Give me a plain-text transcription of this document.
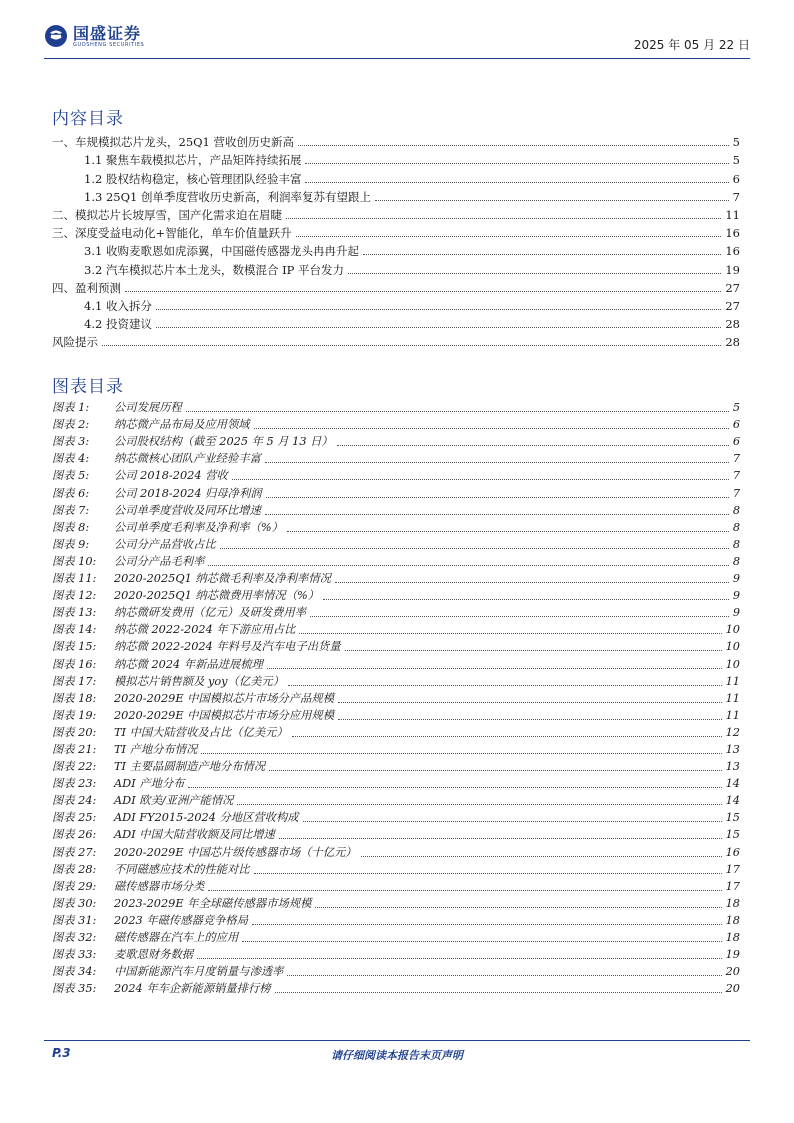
国盛证券
GUOSHENG SECURITIES	2025 年 05 月 22 日
内容目录
一、车规模拟芯片龙头，25Q1 营收创历史新高	5
1.1 聚焦车载模拟芯片，产品矩阵持续拓展	5
1.2 股权结构稳定，核心管理团队经验丰富	6
1.3 25Q1 创单季度营收历史新高，利润率复苏有望跟上	7
二、模拟芯片长坡厚雪，国产化需求迫在眉睫	11
三、深度受益电动化+智能化，单车价值量跃升	16
3.1 收购麦歌恩如虎添翼，中国磁传感器龙头冉冉升起	16
3.2 汽车模拟芯片本土龙头，数模混合 IP 平台发力	19
四、盈利预测	27
4.1 收入拆分	27
4.2 投资建议	28
风险提示	28
图表目录
图表 1: 公司发展历程	5
图表 2: 纳芯微产品布局及应用领域	6
图表 3: 公司股权结构（截至 2025 年 5 月 13 日）	6
图表 4: 纳芯微核心团队产业经验丰富	7
图表 5: 公司 2018-2024 营收	7
图表 6: 公司 2018-2024 归母净利润	7
图表 7: 公司单季度营收及同环比增速	8
图表 8: 公司单季度毛利率及净利率（%）	8
图表 9: 公司分产品营收占比	8
图表 10: 公司分产品毛利率	8
图表 11: 2020-2025Q1 纳芯微毛利率及净利率情况	9
图表 12: 2020-2025Q1 纳芯微费用率情况（%）	9
图表 13: 纳芯微研发费用（亿元）及研发费用率	9
图表 14: 纳芯微 2022-2024 年下游应用占比	10
图表 15: 纳芯微 2022-2024 年料号及汽车电子出货量	10
图表 16: 纳芯微 2024 年新品进展梳理	10
图表 17: 模拟芯片销售额及 yoy（亿美元）	11
图表 18: 2020-2029E 中国模拟芯片市场分产品规模	11
图表 19: 2020-2029E 中国模拟芯片市场分应用规模	11
图表 20: TI 中国大陆营收及占比（亿美元）	12
图表 21: TI 产地分布情况	13
图表 22: TI 主要晶圆制造产地分布情况	13
图表 23: ADI 产地分布	14
图表 24: ADI 欧美/亚洲产能情况	14
图表 25: ADI FY2015-2024 分地区营收构成	15
图表 26: ADI 中国大陆营收额及同比增速	15
图表 27: 2020-2029E 中国芯片级传感器市场（十亿元）	16
图表 28: 不同磁感应技术的性能对比	17
图表 29: 磁传感器市场分类	17
图表 30: 2023-2029E 年全球磁传感器市场规模	18
图表 31: 2023 年磁传感器竞争格局	18
图表 32: 磁传感器在汽车上的应用	18
图表 33: 麦歌恩财务数据	19
图表 34: 中国新能源汽车月度销量与渗透率	20
图表 35: 2024 年车企新能源销量排行榜	20
P.3	请仔细阅读本报告末页声明
